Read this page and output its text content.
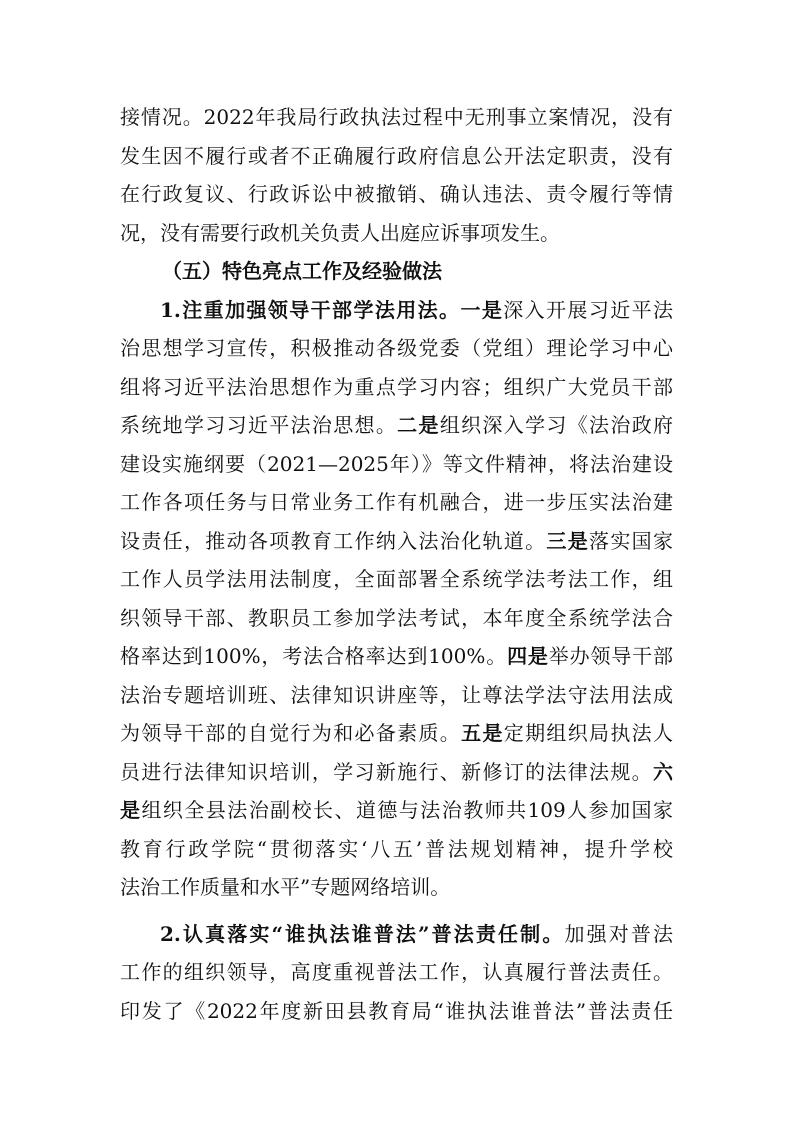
接情况。2022年我局行政执法过程中无刑事立案情况，没有
发生因不履行或者不正确履行政府信息公开法定职责，没有
在行政复议、行政诉讼中被撤销、确认违法、责令履行等情
况，没有需要行政机关负责人出庭应诉事项发生。
（五）特色亮点工作及经验做法
1.注重加强领导干部学法用法。一是深入开展习近平法
治思想学习宣传，积极推动各级党委（党组）理论学习中心
组将习近平法治思想作为重点学习内容；组织广大党员干部
系统地学习习近平法治思想。二是组织深入学习《法治政府
建设实施纲要（2021—2025年）》等文件精神，将法治建设
工作各项任务与日常业务工作有机融合，进一步压实法治建
设责任，推动各项教育工作纳入法治化轨道。三是落实国家
工作人员学法用法制度，全面部署全系统学法考法工作，组
织领导干部、教职员工参加学法考试，本年度全系统学法合
格率达到100%，考法合格率达到100%。四是举办领导干部
法治专题培训班、法律知识讲座等，让尊法学法守法用法成
为领导干部的自觉行为和必备素质。五是定期组织局执法人
员进行法律知识培训，学习新施行、新修订的法律法规。六
是组织全县法治副校长、道德与法治教师共109人参加国家
教育行政学院“贯彻落实‘八五’普法规划精神，提升学校
法治工作质量和水平”专题网络培训。
2.认真落实“谁执法谁普法”普法责任制。加强对普法
工作的组织领导，高度重视普法工作，认真履行普法责任。
印发了《2022年度新田县教育局“谁执法谁普法”普法责任
